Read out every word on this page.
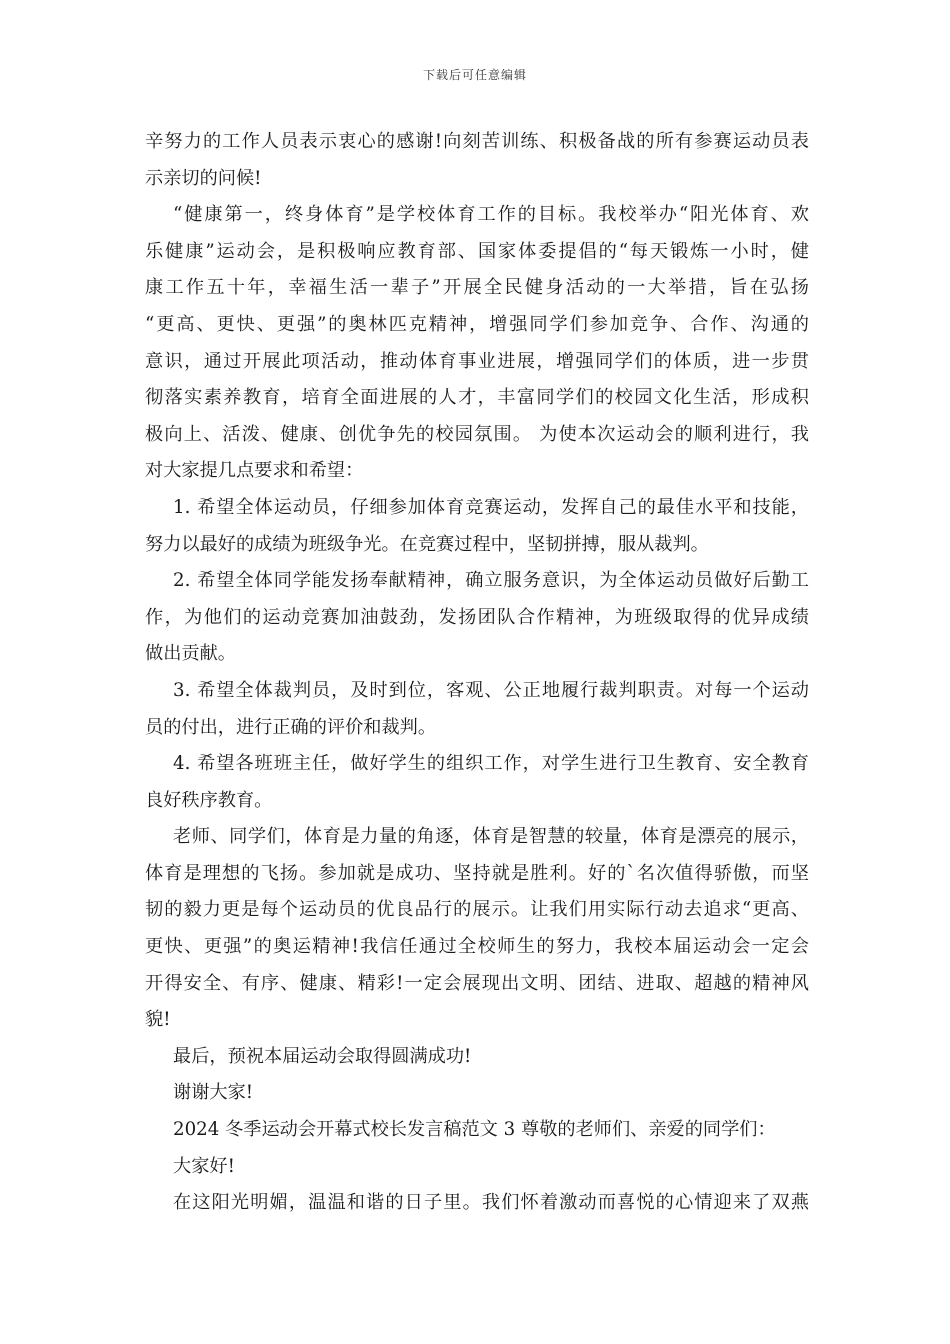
下载后可任意编辑
辛努力的工作人员表示衷心的感谢!向刻苦训练、积极备战的所有参赛运动员表
示亲切的问候!
“健康第一，终身体育”是学校体育工作的目标。我校举办“阳光体育、欢
乐健康”运动会，是积极响应教育部、国家体委提倡的“每天锻炼一小时，健
康工作五十年，幸福生活一辈子”开展全民健身活动的一大举措，旨在弘扬
“更高、更快、更强”的奥林匹克精神，增强同学们参加竞争、合作、沟通的
意识，通过开展此项活动，推动体育事业进展，增强同学们的体质，进一步贯
彻落实素养教育，培育全面进展的人才，丰富同学们的校园文化生活，形成积
极向上、活泼、健康、创优争先的校园氛围。 为使本次运动会的顺利进行，我
对大家提几点要求和希望：
1. 希望全体运动员，仔细参加体育竞赛运动，发挥自己的最佳水平和技能，
努力以最好的成绩为班级争光。在竞赛过程中，坚韧拼搏，服从裁判。
2. 希望全体同学能发扬奉献精神，确立服务意识，为全体运动员做好后勤工
作，为他们的运动竞赛加油鼓劲，发扬团队合作精神，为班级取得的优异成绩
做出贡献。
3. 希望全体裁判员，及时到位，客观、公正地履行裁判职责。对每一个运动
员的付出，进行正确的评价和裁判。
4. 希望各班班主任，做好学生的组织工作，对学生进行卫生教育、安全教育
良好秩序教育。
老师、同学们，体育是力量的角逐，体育是智慧的较量，体育是漂亮的展示，
体育是理想的飞扬。参加就是成功、坚持就是胜利。好的`名次值得骄傲，而坚
韧的毅力更是每个运动员的优良品行的展示。让我们用实际行动去追求“更高、
更快、更强”的奥运精神!我信任通过全校师生的努力，我校本届运动会一定会
开得安全、有序、健康、精彩!一定会展现出文明、团结、进取、超越的精神风
貌!
最后，预祝本届运动会取得圆满成功!
谢谢大家!
2024 冬季运动会开幕式校长发言稿范文 3 尊敬的老师们、亲爱的同学们：
大家好!
在这阳光明媚，温温和谐的日子里。我们怀着激动而喜悦的心情迎来了双燕
